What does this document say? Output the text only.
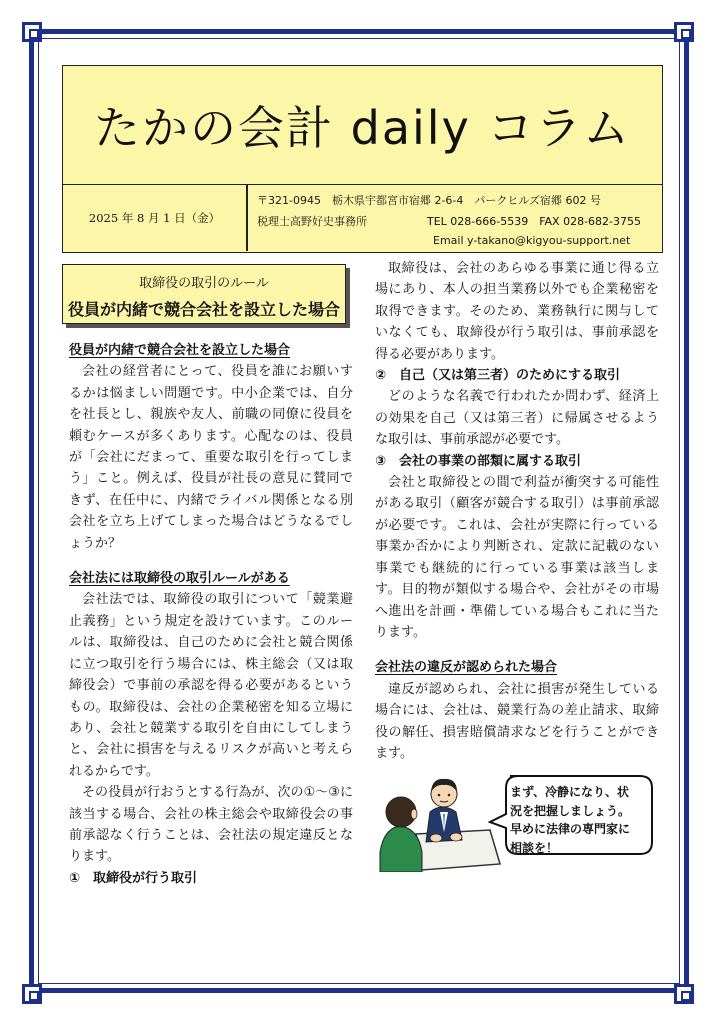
たかの会計 daily コラム
2025 年 8 月 1 日（金）
〒321-0945　栃木県宇都宮市宿郷 2-6-4　パークヒルズ宿郷 602 号
税理士高野好史事務所	TEL 028-666-5539　FAX 028-682-3755
Email y-takano@kigyou-support.net
取締役の取引のルール
役員が内緒で競合会社を設立した場合
役員が内緒で競合会社を設立した場合

会社の経営者にとって、役員を誰にお願いするかは悩ましい問題です。中小企業では、自分を社長とし、親族や友人、前職の同僚に役員を頼むケースが多くあります。心配なのは、役員が「会社にだまって、重要な取引を行ってしまう」こと。例えば、役員が社長の意見に賛同できず、在任中に、内緒でライバル関係となる別会社を立ち上げてしまった場合はどうなるでしょうか？

会社法には取締役の取引ルールがある

会社法では、取締役の取引について「競業避止義務」という規定を設けています。このルールは、取締役は、自己のために会社と競合関係に立つ取引を行う場合には、株主総会（又は取締役会）で事前の承認を得る必要があるというもの。取締役は、会社の企業秘密を知る立場にあり、会社と競業する取引を自由にしてしまうと、会社に損害を与えるリスクが高いと考えられるからです。

その役員が行おうとする行為が、次の①～③に該当する場合、会社の株主総会や取締役会の事前承認なく行うことは、会社法の規定違反となります。

①　取締役が行う取引

取締役は、会社のあらゆる事業に通じ得る立場にあり、本人の担当業務以外でも企業秘密を取得できます。そのため、業務執行に関与していなくても、取締役が行う取引は、事前承認を得る必要があります。

②　自己（又は第三者）のためにする取引

どのような名義で行われたか問わず、経済上の効果を自己（又は第三者）に帰属させるような取引は、事前承認が必要です。

③　会社の事業の部類に属する取引

会社と取締役との間で利益が衝突する可能性がある取引（顧客が競合する取引）は事前承認が必要です。これは、会社が実際に行っている事業か否かにより判断され、定款に記載のない事業でも継続的に行っている事業は該当します。目的物が類似する場合や、会社がその市場へ進出を計画・準備している場合もこれに当たります。

会社法の違反が認められた場合

違反が認められ、会社に損害が発生している場合には、会社は、競業行為の差止請求、取締役の解任、損害賠償請求などを行うことができます。

まず、冷静になり、状
況を把握しましょう。
早めに法律の専門家に
相談を！
